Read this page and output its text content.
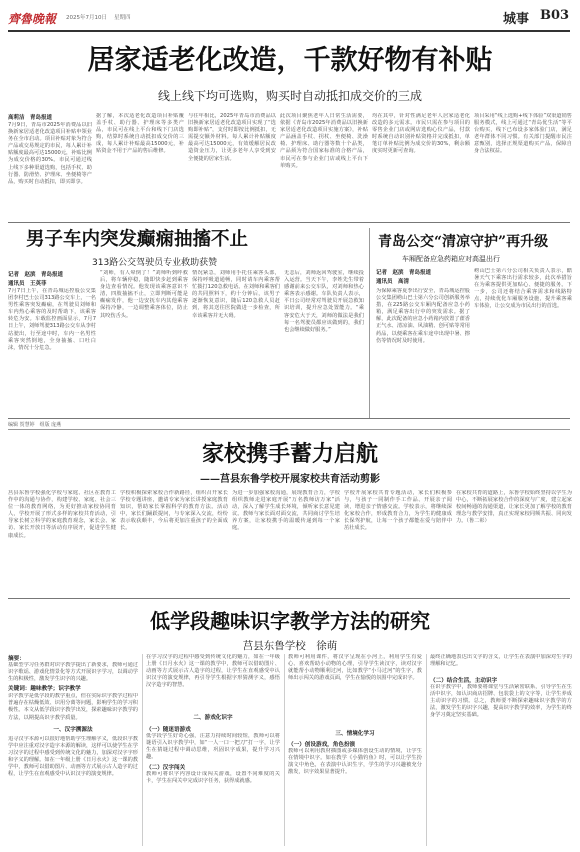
齊魯晚報 2025年7月10日 星期四	城事 B03
居家适老化改造，千款好物有补贴
线上线下均可选购，购买时自动抵扣成交价的三成
高莉洁　青岛报道
7月9日，青岛市2025年消费品以旧换新家居适老化改造项目补贴申领业务在全市启动。项目补贴对象为符合产品或交易规定的市民，每人累计补贴额度最高可达15000元，补贴比例为成交价格的30%。市民可通过线上线下多种渠道选购，包括手杖、助行器、防滑垫、护理床、坐便椅等产品，购买时自动抵扣，即买即享。
据了解，本次适老化改造项目补贴覆盖手杖、助行器、护理床等多类产品，市民可在线上平台和线下门店选购，结算时系统自动抵扣成交价的三成，每人累计补贴最高15000元，补贴资金不用于产品的售后维修。
与往年相比，2025年青岛市消费品以旧换新家居适老化改造项目实现了“选购即补贴”，支付时即按比例抵扣，无需提交额外材料。每人累计补贴额度最高可达15000元，有效缓解居民改造资金压力，让更多老年人享受到安全便捷的居家生活。
此次项目聚焦老年人日常生活需要，依据《青岛市2025年消费品以旧换新家居适老化改造项目实施方案》，补贴产品涵盖手杖、拐杖、坐便椅、洗澡椅、护理床、助行器等数十个品类，产品须为符合国家标准的合格产品，市民可在参与企业门店或线上平台下单购买。
均在其中，针对性满足老年人居家适老化改造的多元需求。市民只需在参与项目的零售企业门店或网店选购心仪产品，付款时系统自动识别补贴资格并完成抵扣，单笔订单补贴比例为成交价的30%，剩余额度实时更新可查询。
项目采用“线上选购+线下体验”双渠道销售服务模式，线上可通过“青岛优生活”等平台购买，线下已布设多家体验门店，满足老年群体不同习惯。有关部门提醒市民注意甄别，选择正规渠道购买产品，保障自身合法权益。
男子车内突发癫痫抽搐不止
313路公交驾驶员专业救助获赞
记者　赵滨　青岛报道
通讯员　王英菲
7月7日上午，在青岛城运控股公交集团李村巴士公司313路公交车上，一名男性乘客突发癫痫，在驾驶员刘师和车内热心乘客的及时帮助下，该乘客转危为安。车载监控画面显示，7月7日上午，刘师驾驶313路公交车从李村站驶出，行至途中时，车内一名男性乘客突然倒地，全身抽搐、口吐白沫，情况十分危急。
“刘师，有人晕倒了！”刘师听到呼救后，将车辆停稳，随即快步赶到乘客身边查看情况。他发现该乘客意识不清，四肢抽搐不止，立即判断可能是癫痫发作，他一边安抚车内其他乘客保持冷静，一边调整乘客体位，防止其咬伤舌头。
情况紧急，刘师用手托住乘客头部，保持呼吸道通畅，同时请车内乘客帮忙拨打120急救电话。在刘师和乘客们的共同照料下，约十分钟后，该男子逐渐恢复意识，随后120急救人员赶到，将其送往医院做进一步检查，所幸该乘客并无大碍。
无恙后，刘师返回驾驶室，继续投入运营。当天下午，李姓先生带着感谢前来公交车队，对刘师和热心乘客表示感谢。车队负责人表示，平日公司经常对驾驶员开展急救知识培训，提升应急处置能力。“乘客安危大于天，刘师的做法是我们每一名驾驶员都应该做到的，我们也会继续做好服务。”
青岛公交“清凉守护”再升级
车厢配备应急药箱应对高温出行
记者　赵滨　青岛报道
通讯员　高清
为保障乘客夏季出行安全，青岛城运控股公交集团崂山巴士第六分公司创新服务举措，在225路公交车厢内配备应急小药箱，满足乘客出行中的突发需求。据了解，此次配备的应急小药箱内放置了藿香正气水、清凉油、风油精、创可贴等常用药品，以便乘客在乘车途中出现中暑、擦伤等情况时及时使用。
崂山巴士第六分公司相关负责人表示，酷暑天气下乘客出行需求较多，此次举措旨在为乘客提供更加贴心、便捷的服务。下一步，公司还将结合乘客需求和线路特点，持续优化车厢服务设施，提升乘客乘车体验，让公交成为市民出行的首选。
编辑 贺慧婷　组版 庞燕
家校携手蓄力启航
——莒县东鲁学校开展家校共育活动剪影
莒县东鲁学校强化学校与家庭、社区在教育工作中的沟通与协作，构建学校、家庭、社会三位一体的教育网络，为更好推动家校协同育人，学校开展了形式多样的家校共育活动，引导家长树立科学的家庭教育观念，家长会、家访、家长开放日等活动有序展开，促进学生健康成长。
学校积极探索家校合作新路径，组织召开家长学校专题讲座，邀请专家为家长讲授家庭教育知识，帮助家长掌握科学的教育方法。活动中，家长们踊跃提问，与专家深入交流，纷纷表示收获颇丰，今后将更加注重孩子的全面成长。
为进一步加强家校沟通，展现教育合力，学校组织教师走进家庭开展“万名教师访万家”活动，深入了解学生成长环境，倾听家长意见建议。教师与家长面对面交流，共同商讨学生培养方案，让家校携手的温暖传递到每一个家庭。
学校开展家校共育专题活动，家长们积极参与，与孩子一同制作手工作品、开展亲子阅读，增进亲子情感交流。学校表示，将继续深化家校合作，形成教育合力，为学生的健康成长保驾护航，让每一个孩子都能在爱与陪伴中茁壮成长。
在家校共育的道路上，东鲁学校始终坚持以学生为中心，不断拓展家校合作的深度与广度，建立起家校间畅通的沟通渠道，让家长更加了解学校的教育理念与教学安排，真正实现家校同频共振、同向发力。（鲁二彰）
低学段趣味识字教学方法的研究
莒县东鲁学校　徐萌
摘要：
基础型学习任务群对识字教学提出了新要求，教师可通过识字歌谣、游戏化情景化等方式开展识字学习，以调动学生的积极性，激发学生识字的兴趣。
关键词：趣味教学；识字教学
识字教学是低学段的教学重点，但在实际识字教学过程中普遍存在枯燥低效、识用分离等问题，影响学生的学习积极性。本文从低学段识字教学出发，探索趣味识字教学的方法，以期提高识字教学质量。
一、汉字溯源法
追寻汉字本源可以很好地帮助学生理解字义，低段识字教学中应注重对汉字造字本源的解读，这样可以使学生在学习汉字的过程中感受到传统文化的魅力，加深对汉字字形和字义的理解。如在一年级上册《日月水火》这一课的教学中，教师可以借助图片、动画等方式展示古人造字的过程，让学生在直观感受中认识汉字的演变规律。
在学习汉字的过程中感受到传统文化的魅力，如在一年级上册《日月水火》这一课的教学中，教师可以借助图片、动画等方式展示古人造字的过程，让学生在直观感受中认识汉字的演变规律，再引导学生根据字形猜测字义，感悟汉字造字的智慧。
二、游戏化识字
（一）随迷语游戏
低学段学生好奇心强，注意力持续时间较短，教师可以将谜语引入识字教学中，如“一人一口一把刀”打一字，让学生在猜谜过程中调动思维，巩固识字成果，提升学习兴趣。
（二）汉字闯关
教师可将识字内容设计成闯关游戏，设置不同难度的关卡，学生在闯关中完成识字任务，获得成就感。
教师可利用课件，将汉字呈现在小河上，利用学生有爱心、喜欢帮助小动物的心理，引导学生读汉字，读对汉字就能帮小动物顺利过河，比如教学“小马过河”的生字，教师出示闯关的游戏页面，学生在愉悦的氛围中完成识字。
三、情境化学习
（一）创设游戏，角色扮演
教师可以利用教材插图或多媒体创设生动的情境，让学生在情境中识字。如在教学《小猫钓鱼》时，可以让学生扮演文中角色，在表演中认识生字，学生的学习兴趣被充分激发，识字效果显著提升。
最终正确地表达出文字的含义，让学生在表演中加深对生字的理解和记忆。
（二）结合生活，主动识字
在识字教学中，教师要将课堂与生活紧密联系，引导学生在生活中识字，如认识商店招牌、包装袋上的文字等，让学生养成主动识字的习惯。总之，教师要不断探索趣味识字教学的方法，激发学生的识字兴趣，提高识字教学的效率，为学生的终身学习奠定坚实基础。
